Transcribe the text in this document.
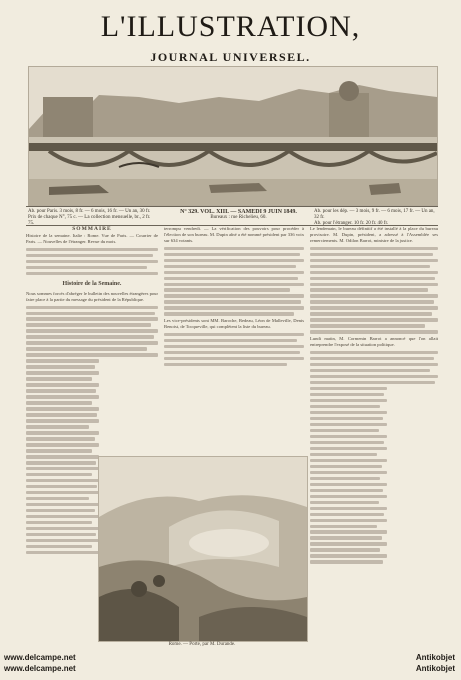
L'ILLUSTRATION,
JOURNAL UNIVERSEL.
Ab. pour Paris. 3 mois, 8 fr. — 6 mois, 16 fr. — Un an, 30 fr.
Prix de chaque N°, 75 c. — La collection mensuelle, br., 2 fr. 75.
N° 329. VOL. XIII. — SAMEDI 9 JUIN 1849.
Bureaux : rue Richelieu, 60.
Ab. pour les dép. — 3 mois, 9 fr. — 6 mois, 17 fr. — Un an, 32 fr.
Ab. pour l'étranger. 10 fr. 20 fr. 40 fr.
SOMMAIRE
Histoire de la semaine. Italie : Rome. Vue de Paris. — Courrier de Paris. — Nouvelles de l'étranger. Revue du mois.
Histoire de la Semaine.
Nous sommes forcés d'abréger le bulletin des nouvelles étrangères pour faire place à la partie du message du président de la République.
terrompu vendredi. — La vérification des pouvoirs pour procéder à l'élection de son bureau. M. Dupin aîné a été nommé président par 336 voix sur 634 votants.
Les vice-présidents sont MM. Baroche, Bedeau, Léon de Malleville, Denis Benoist, de Tocqueville, qui complètent la liste du bureau.
Le lendemain, le bureau définitif a été installé à la place du bureau provisoire. M. Dupin, président, a adressé à l'Assemblée ses remerciements. M. Odilon Barrot, ministre de la justice.
Lundi matin, M. Cormenin Barrot a annoncé que l'on allait entreprendre l'exposé de la situation politique.
Rome. — Porte, par M. Durande.
www.delcampe.net
www.delcampe.net
Antikobjet
Antikobjet
